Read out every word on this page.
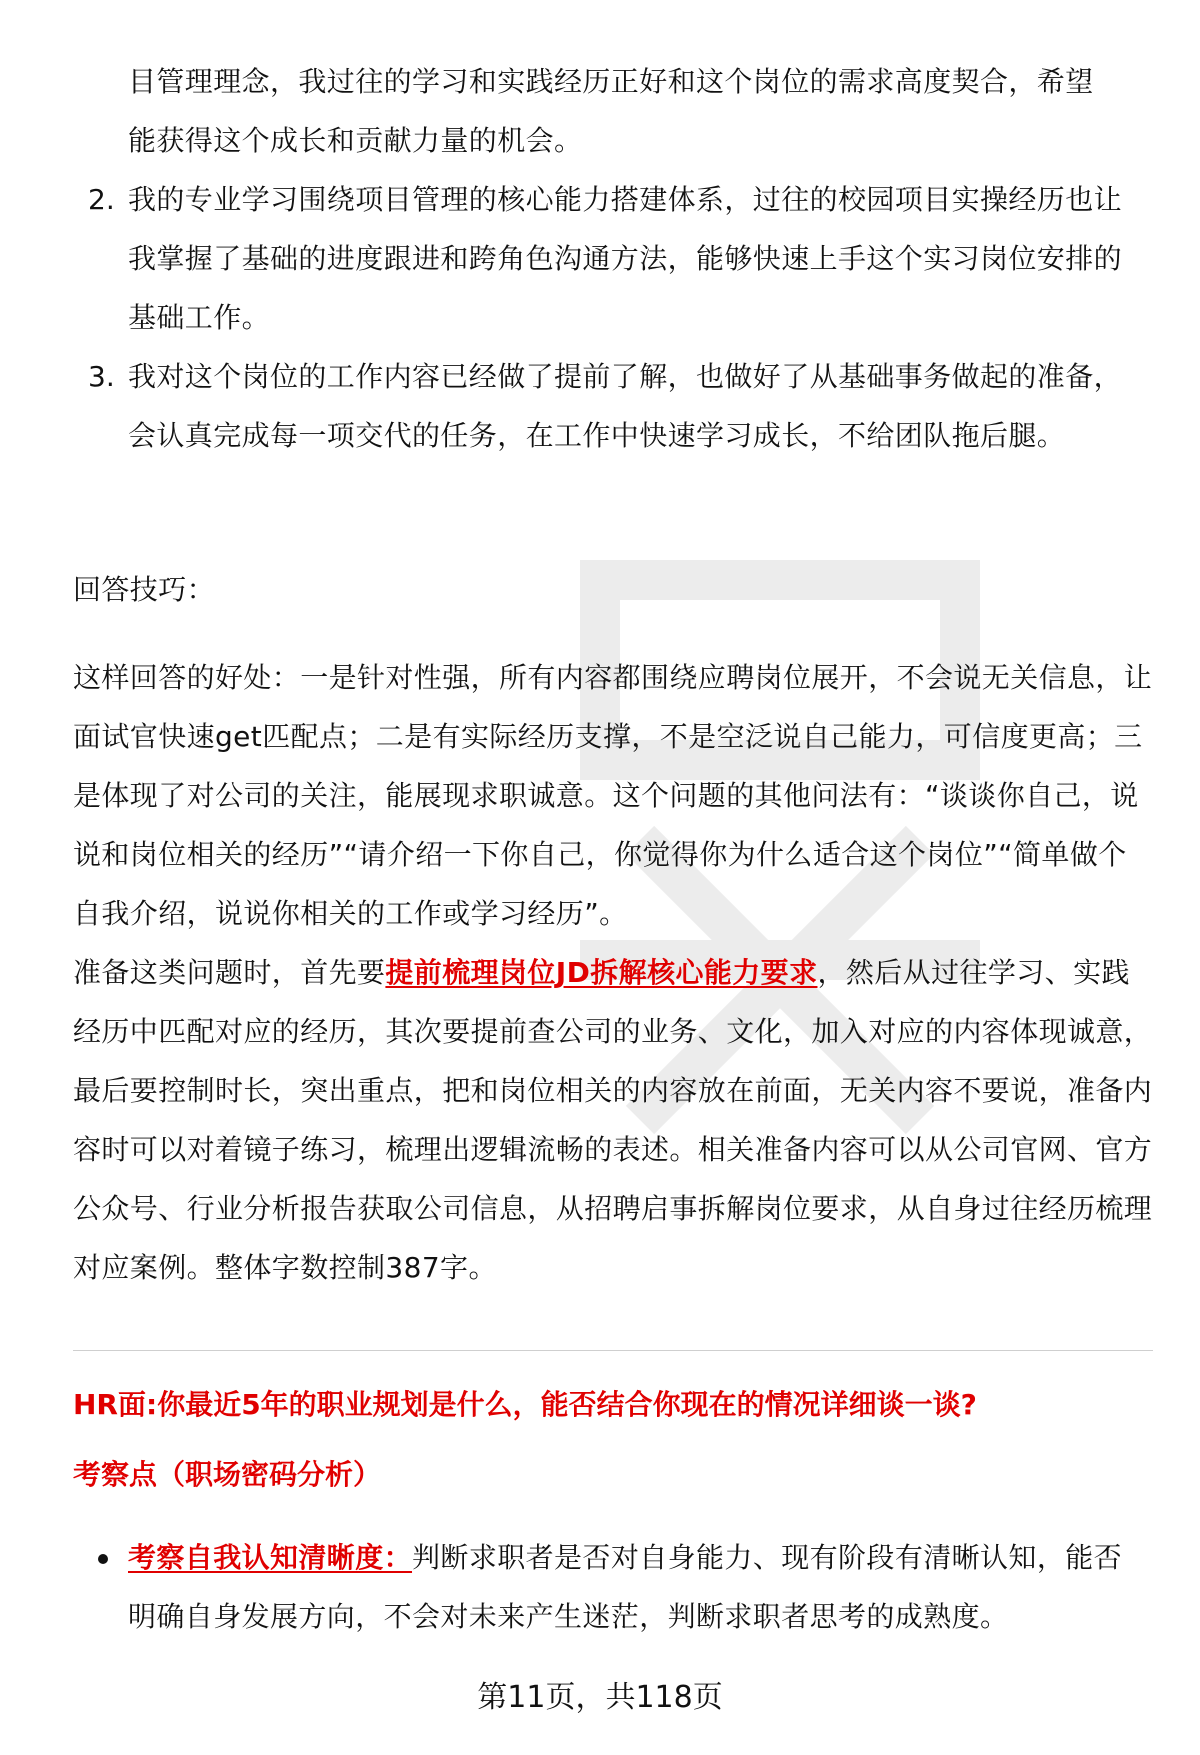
目管理理念，我过往的学习和实践经历正好和这个岗位的需求高度契合，希望
能获得这个成长和贡献力量的机会。
2. 我的专业学习围绕项目管理的核心能力搭建体系，过往的校园项目实操经历也让我掌握了基础的进度跟进和跨角色沟通方法，能够快速上手这个实习岗位安排的基础工作。
3. 我对这个岗位的工作内容已经做了提前了解，也做好了从基础事务做起的准备，会认真完成每一项交代的任务，在工作中快速学习成长，不给团队拖后腿。
回答技巧：
这样回答的好处：一是针对性强，所有内容都围绕应聘岗位展开，不会说无关信息，让面试官快速get匹配点；二是有实际经历支撑，不是空泛说自己能力，可信度更高；三是体现了对公司的关注，能展现求职诚意。这个问题的其他问法有：“谈谈你自己，说说和岗位相关的经历”“请介绍一下你自己，你觉得你为什么适合这个岗位”“简单做个自我介绍，说说你相关的工作或学习经历”。
准备这类问题时，首先要提前梳理岗位JD拆解核心能力要求，然后从过往学习、实践经历中匹配对应的经历，其次要提前查公司的业务、文化，加入对应的内容体现诚意，最后要控制时长，突出重点，把和岗位相关的内容放在前面，无关内容不要说，准备内容时可以对着镜子练习，梳理出逻辑流畅的表述。相关准备内容可以从公司官网、官方公众号、行业分析报告获取公司信息，从招聘启事拆解岗位要求，从自身过往经历梳理对应案例。整体字数控制387字。
HR面:你最近5年的职业规划是什么，能否结合你现在的情况详细谈一谈?
考察点（职场密码分析）
考察自我认知清晰度：判断求职者是否对自身能力、现有阶段有清晰认知，能否明确自身发展方向，不会对未来产生迷茫，判断求职者思考的成熟度。
第11页，共118页
